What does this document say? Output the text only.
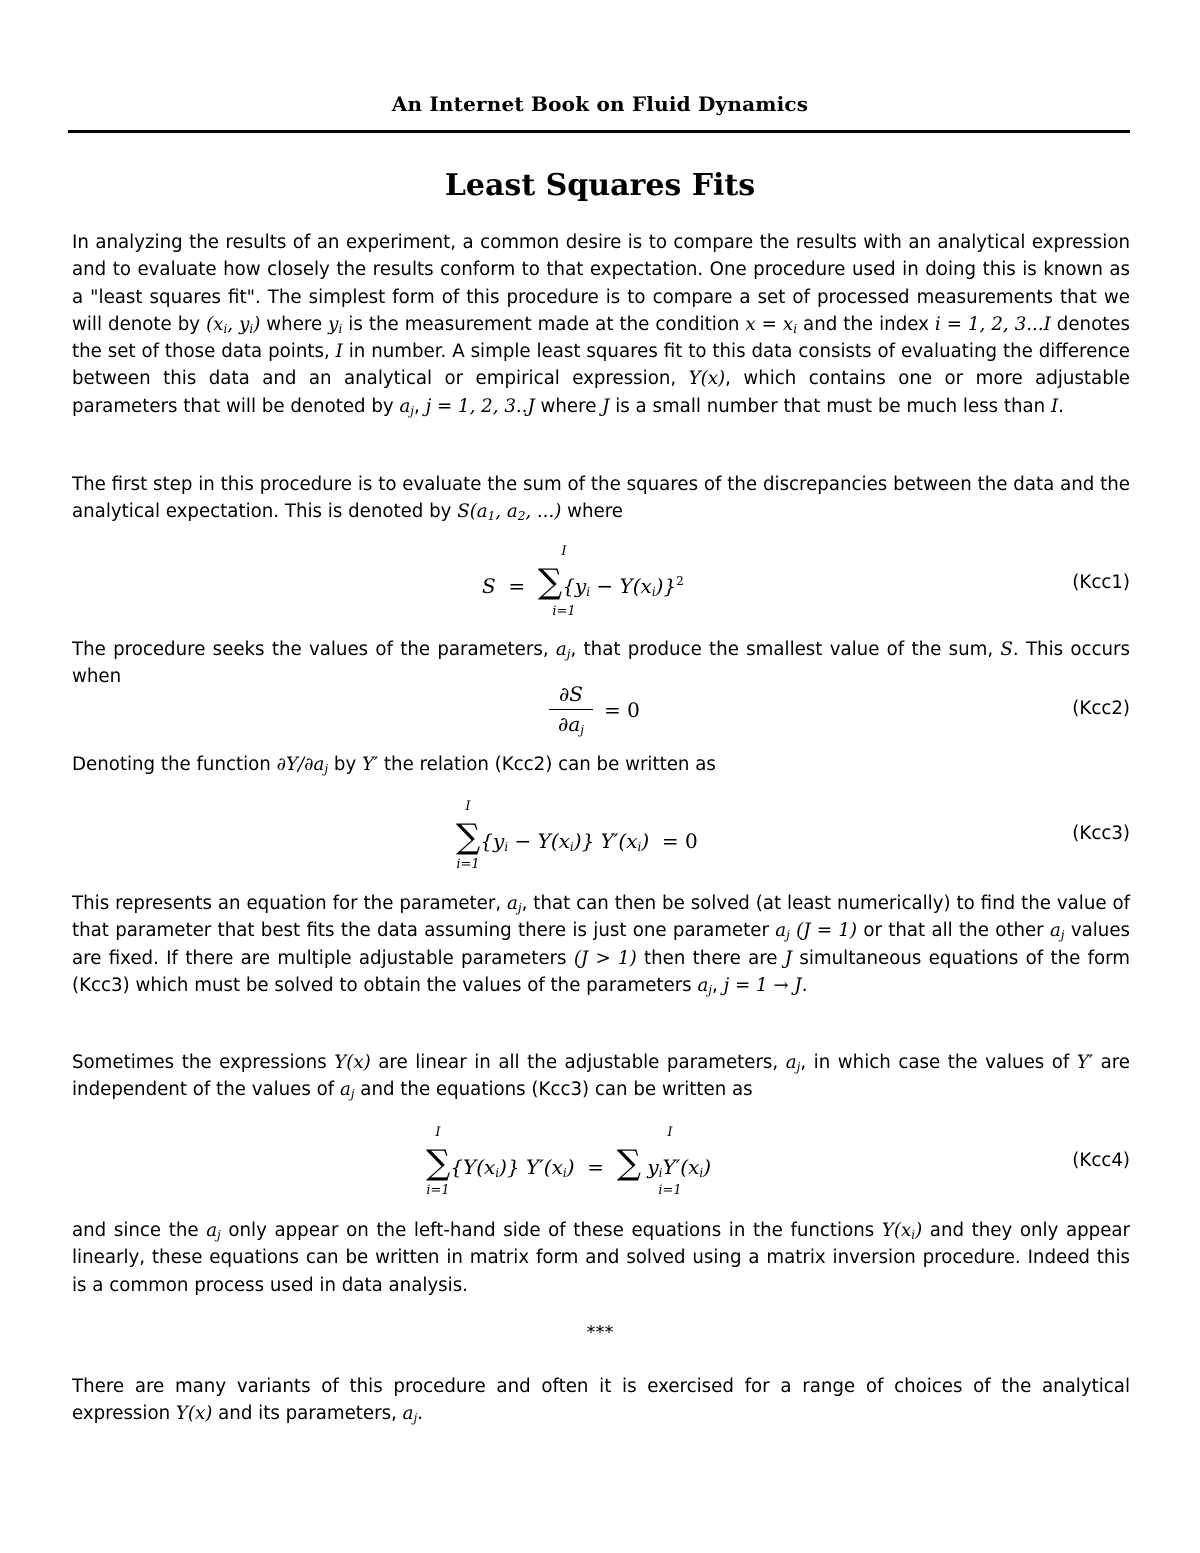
An Internet Book on Fluid Dynamics
Least Squares Fits

In analyzing the results of an experiment, a common desire is to compare the results with an analytical expression and to evaluate how closely the results conform to that expectation. One procedure used in doing this is known as a "least squares fit". The simplest form of this procedure is to compare a set of processed measurements that we will denote by ($x_i$, $y_i$) where $y_i$ is the measurement made at the condition $x = x_i$ and the index i = 1, 2, 3...I denotes the set of those data points, I in number. A simple least squares fit to this data consists of evaluating the difference between this data and an analytical or empirical expression, Y(x), which contains one or more adjustable parameters that will be denoted by $a_j$, j = 1, 2, 3..J where J is a small number that must be much less than I.

The first step in this procedure is to evaluate the sum of the squares of the discrepancies between the data and the analytical expectation. This is denoted by $S(a_1$, $a_2$, ...) where

I
$S = \sum\{y_i - Y(x_i)\}^2$
i=1
(Kcc1)

The procedure seeks the values of the parameters, $a_j$, that produce the smallest value of the sum, S. This occurs when

∂S
$\partial a_j$
= 0	(Kcc2)

Denoting the function $\partial Y/\partial a_j$ by Y′ the relation (Kcc2) can be written as

I
$\sum\{y_i - Y(x_i)\} Y'(x_i) = 0$
i=1
(Kcc3)

This represents an equation for the parameter, $a_j$, that can then be solved (at least numerically) to find the value of that parameter that best fits the data assuming there is just one parameter $a_j$ (J = 1) or that all the other $a_j$ values are fixed. If there are multiple adjustable parameters (J > 1) then there are J simultaneous equations of the form (Kcc3) which must be solved to obtain the values of the parameters $a_j$, j = 1 → J.

Sometimes the expressions Y(x) are linear in all the adjustable parameters, $a_j$, in which case the values of Y′ are independent of the values of $a_j$ and the equations (Kcc3) can be written as

I	I
$\sum\{Y(x_i)\} Y'(x_i)$ = ∑ $y_iY'(x_i)$
i=1	i=1
(Kcc4)

and since the $a_j$ only appear on the left-hand side of these equations in the functions $Y(x_i)$ and they only appear linearly, these equations can be written in matrix form and solved using a matrix inversion procedure. Indeed this is a common process used in data analysis.

***

There are many variants of this procedure and often it is exercised for a range of choices of the analytical expression Y(x) and its parameters, $a_j$.
